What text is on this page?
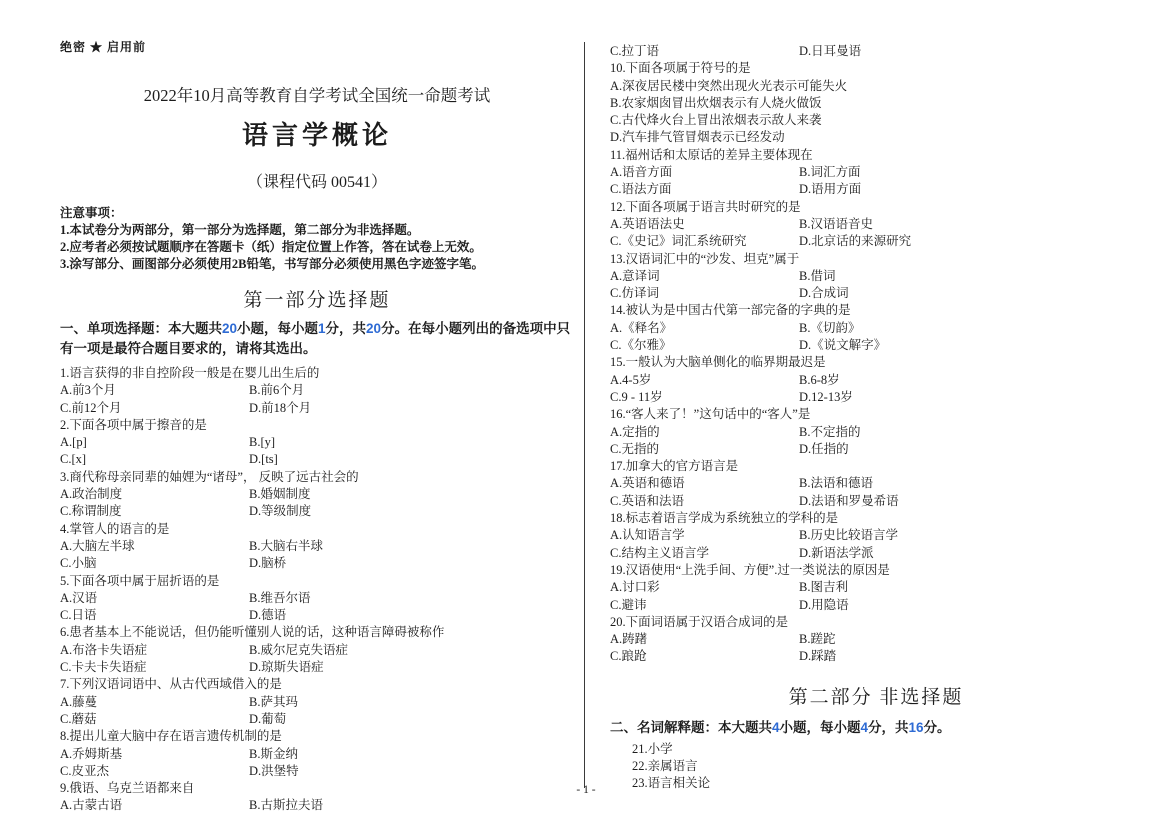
绝密 ★ 启用前
2022年10月高等教育自学考试全国统一命题考试
语言学概论
（课程代码 00541）
注意事项：
1.本试卷分为两部分，第一部分为选择题，第二部分为非选择题。
2.应考者必须按试题顺序在答题卡（纸）指定位置上作答，答在试卷上无效。
3.涂写部分、画图部分必须使用2B铅笔，书写部分必须使用黑色字迹签字笔。
第一部分选择题
一、单项选择题：本大题共20小题，每小题1分，共20分。在每小题列出的备选项中只有一项是最符合题目要求的，请将其选出。
1.语言获得的非自控阶段一般是在婴儿出生后的
A.前3个月	B.前6个月
C.前12个月	D.前18个月
2.下面各项中属于擦音的是
A.[p]	B.[y]
C.[x]	D.[ts]
3.商代称母亲同辈的妯娌为“诸母”， 反映了远古社会的
A.政治制度	B.婚姻制度
C.称谓制度	D.等级制度
4.掌管人的语言的是
A.大脑左半球	B.大脑右半球
C.小脑	D.脑桥
5.下面各项中属于屈折语的是
A.汉语	B.维吾尔语
C.日语	D.德语
6.患者基本上不能说话，但仍能听懂别人说的话，这种语言障碍被称作
A.布洛卡失语症	B.威尔尼克失语症
C.卡夫卡失语症	D.琼斯失语症
7.下列汉语词语中、从古代西域借入的是
A.藤蔓	B.萨其玛
C.蘑菇	D.葡萄
8.提出儿童大脑中存在语言遗传机制的是
A.乔姆斯基	B.斯金纳
C.皮亚杰	D.洪堡特
9.俄语、乌克兰语都来自
A.古蒙古语	B.古斯拉夫语
C.拉丁语	D.日耳曼语
10.下面各项属于符号的是
A.深夜居民楼中突然出现火光表示可能失火
B.农家烟囱冒出炊烟表示有人烧火做饭
C.古代烽火台上冒出浓烟表示敌人来袭
D.汽车排气管冒烟表示已经发动
11.福州话和太原话的差异主要体现在
A.语音方面	B.词汇方面
C.语法方面	D.语用方面
12.下面各项属于语言共时研究的是
A.英语语法史	B.汉语语音史
C.《史记》词汇系统研究	D.北京话的来源研究
13.汉语词汇中的“沙发、坦克”属于
A.意译词	B.借词
C.仿译词	D.合成词
14.被认为是中国古代第一部完备的字典的是
A.《释名》	B.《切韵》
C.《尔雅》	D.《说文解字》
15.一般认为大脑单侧化的临界期最迟是
A.4-5岁	B.6-8岁
C.9 - 11岁	D.12-13岁
16.“客人来了！”这句话中的“客人”是
A.定指的	B.不定指的
C.无指的	D.任指的
17.加拿大的官方语言是
A.英语和德语	B.法语和德语
C.英语和法语	D.法语和罗曼希语
18.标志着语言学成为系统独立的学科的是
A.认知语言学	B.历史比较语言学
C.结构主义语言学	D.新语法学派
19.汉语使用“上洗手间、方便”.过一类说法的原因是
A.讨口彩	B.图吉利
C.避讳	D.用隐语
20.下面词语属于汉语合成词的是
A.踌躇	B.蹉跎
C.踉跄	D.踩踏
第二部分 非选择题
二、名词解释题：本大题共4小题，每小题4分，共16分。
21.小学
22.亲属语言
23.语言相关论
- 1 -
